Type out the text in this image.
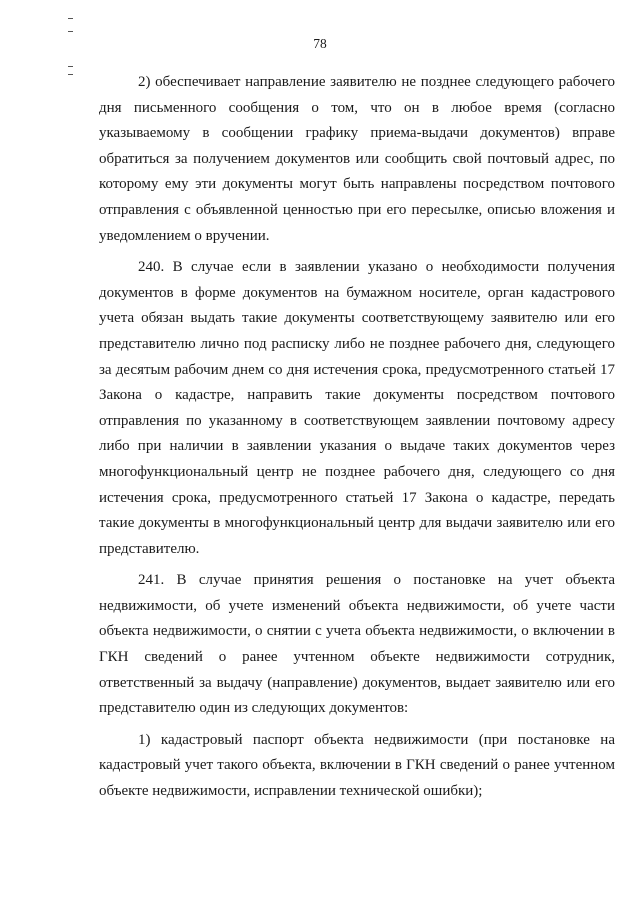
78

2) обеспечивает направление заявителю не позднее следующего рабочего дня письменного сообщения о том, что он в любое время (согласно указываемому в сообщении графику приема-выдачи документов) вправе обратиться за получением документов или сообщить свой почтовый адрес, по которому ему эти документы могут быть направлены посредством почтового отправления с объявленной ценностью при его пересылке, описью вложения и уведомлением о вручении.

240. В случае если в заявлении указано о необходимости получения документов в форме документов на бумажном носителе, орган кадастрового учета обязан выдать такие документы соответствующему заявителю или его представителю лично под расписку либо не позднее рабочего дня, следующего за десятым рабочим днем со дня истечения срока, предусмотренного статьей 17 Закона о кадастре, направить такие документы посредством почтового отправления по указанному в соответствующем заявлении почтовому адресу либо при наличии в заявлении указания о выдаче таких документов через многофункциональный центр не позднее рабочего дня, следующего со дня истечения срока, предусмотренного статьей 17 Закона о кадастре, передать такие документы в многофункциональный центр для выдачи заявителю или его представителю.

241. В случае принятия решения о постановке на учет объекта недвижимости, об учете изменений объекта недвижимости, об учете части объекта недвижимости, о снятии с учета объекта недвижимости, о включении в ГКН сведений о ранее учтенном объекте недвижимости сотрудник, ответственный за выдачу (направление) документов, выдает заявителю или его представителю один из следующих документов:

1) кадастровый паспорт объекта недвижимости (при постановке на кадастровый учет такого объекта, включении в ГКН сведений о ранее учтенном объекте недвижимости, исправлении технической ошибки);
